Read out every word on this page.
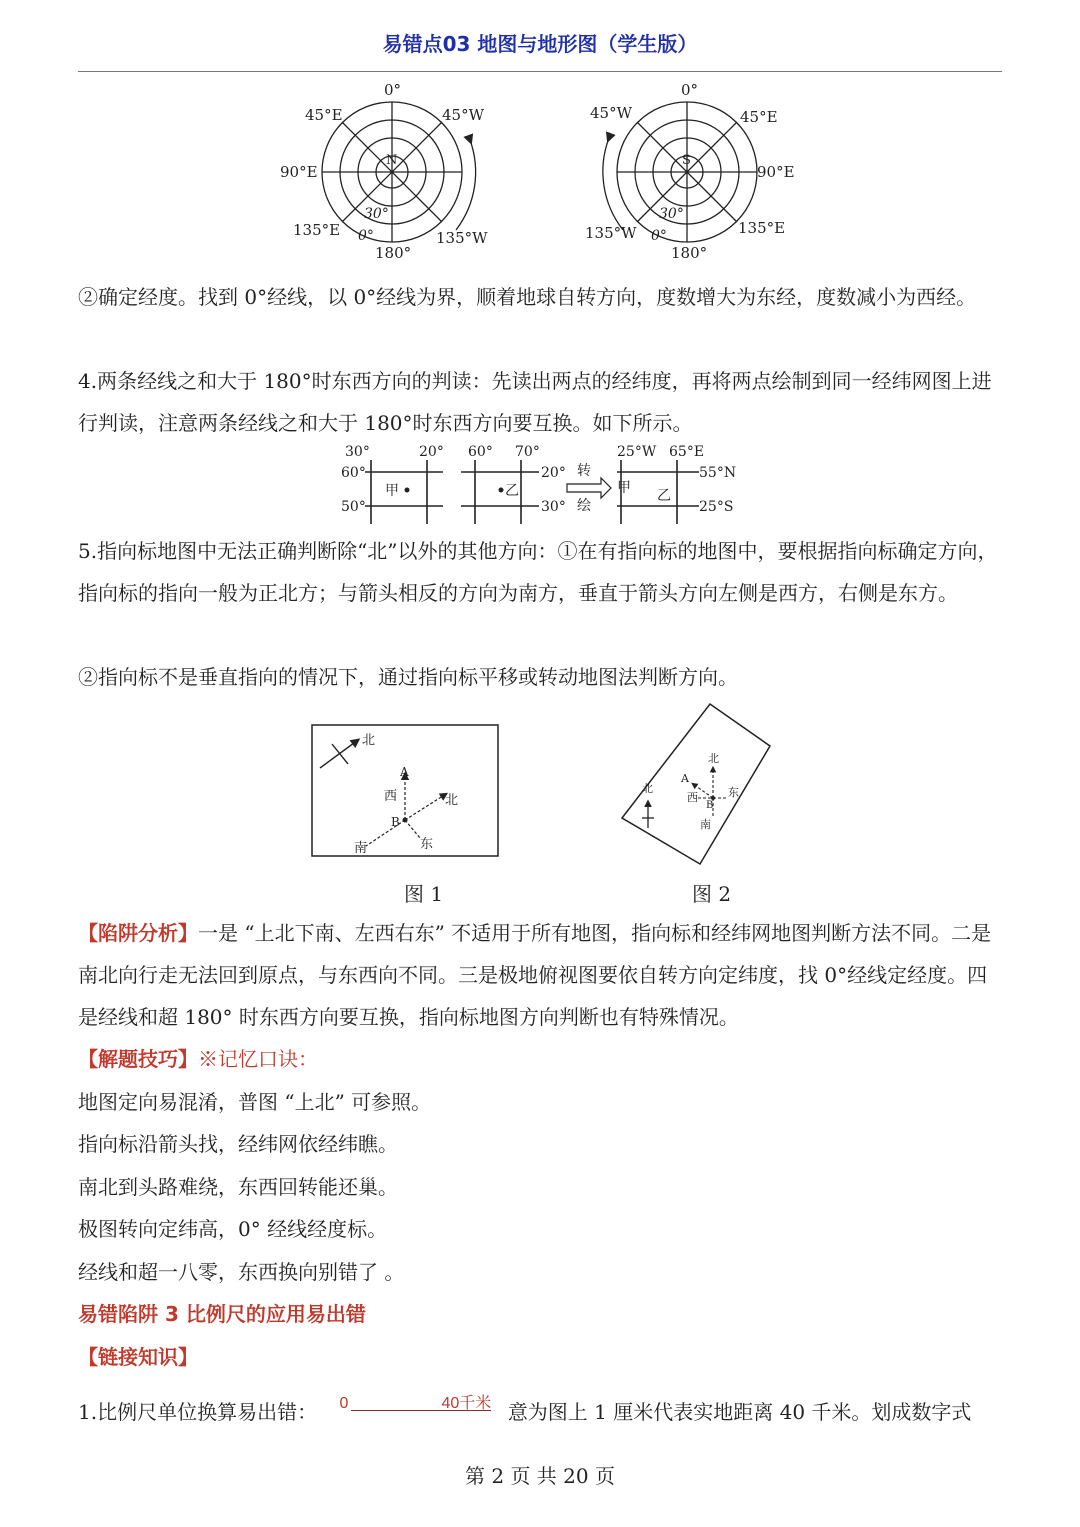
易错点03 地图与地形图（学生版）
0°
45°E	45°W
90°E
135°E	135°W
180°
30°
0°
N
0°
45°W	45°E
90°E
135°W	135°E
180°
30°
0°
S

②确定经度。找到 0°经线，以 0°经线为界，顺着地球自转方向，度数增大为东经，度数减小为西经。

4.两条经线之和大于 180°时东西方向的判读：先读出两点的经纬度，再将两点绘制到同一经纬网图上进行判读，注意两条经线之和大于 180°时东西方向要互换。如下所示。

30°	20°
60°
50°
甲
60° 70°
20°
30°
乙
转
绘
25°W 65°E
55°N
25°S
甲 乙

5.指向标地图中无法正确判断除“北”以外的其他方向：①在有指向标的地图中，要根据指向标确定方向，指向标的指向一般为正北方；与箭头相反的方向为南方，垂直于箭头方向左侧是西方，右侧是东方。

②指向标不是垂直指向的情况下，通过指向标平移或转动地图法判断方向。

北
A
西	北
B
南	东
图 1
北
A
西
B
东
南
北
图 2

【陷阱分析】一是 “上北下南、左西右东” 不适用于所有地图，指向标和经纬网地图判断方法不同。二是南北向行走无法回到原点，与东西向不同。三是极地俯视图要依自转方向定纬度，找 0°经线定经度。四是经线和超 180° 时东西方向要互换，指向标地图方向判断也有特殊情况。

【解题技巧】※记忆口诀：
地图定向易混淆，普图 “上北” 可参照。
指向标沿箭头找，经纬网依经纬瞧。
南北到头路难绕，东西回转能还巢。
极图转向定纬高，0° 经线经度标。
经线和超一八零，东西换向别错了 。
易错陷阱 3 比例尺的应用易出错
【链接知识】
1.比例尺单位换算易出错： 0	40千米 意为图上 1 厘米代表实地距离 40 千米。划成数字式
第 2 页 共 20 页
